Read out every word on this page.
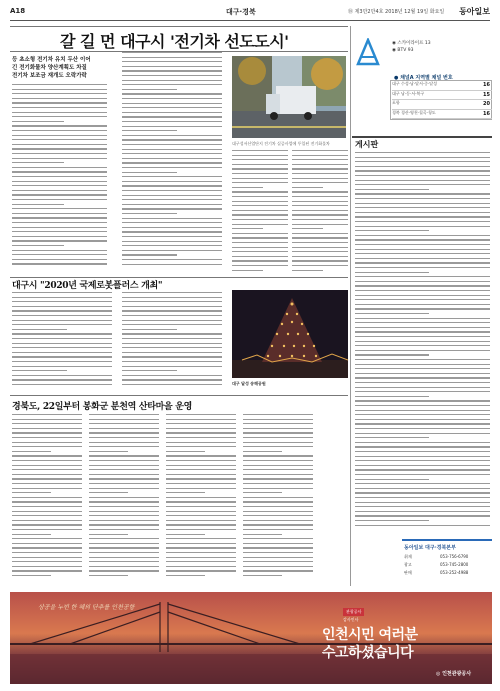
A18	대구·경북	⑱ 제3만2만4호 2018년 12월 19일 화요일 동아일보
갈 길 먼 대구시 '전기차 선도도시'
등 초소형 전기차 유치 두산 이어
긴 전기화물차 양산계획도 차질
전기차 보조금 재개도 오락가락
대구성서산업단지 전기차 실증사업에 투입된 전기화물차
대구시 "2020년 국제로봇플러스 개최"
대구 달성 송해공원
경북도, 22일부터 봉화군 분천역 산타마을 운영
◉ 스카이라이프 13
◉ BTV 93
● 채널A 지역별 채널 번호
대구 수성·남·달서·중·달성	16
대구 남·동·서·북구	15
포항	20
경북 경산·영천·칠곡·청도	16
게시판
동아일보 대구·경북본부
취재	053-756-6790
광고	053-745-2800
판매	053-252-4988
상공을 누빈 한 해의 단추를 인천공항
관광공사
감사인사
인천시민 여러분
수고하셨습니다
◎ 인천관광공사
